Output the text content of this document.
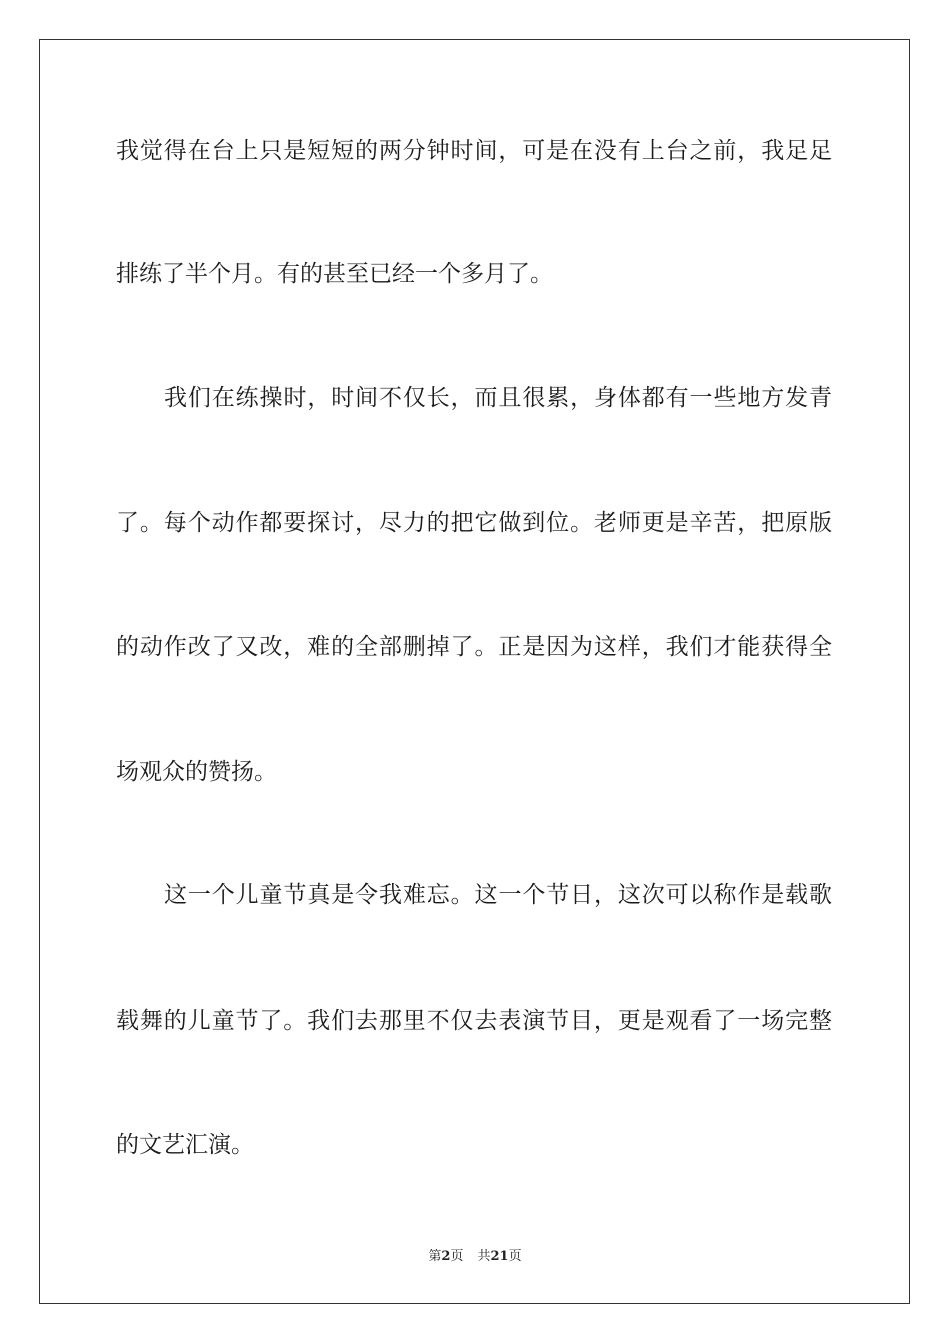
我觉得在台上只是短短的两分钟时间，可是在没有上台之前，我足足
排练了半个月。有的甚至已经一个多月了。
我们在练操时，时间不仅长，而且很累，身体都有一些地方发青
了。每个动作都要探讨，尽力的把它做到位。老师更是辛苦，把原版
的动作改了又改，难的全部删掉了。正是因为这样，我们才能获得全
场观众的赞扬。
这一个儿童节真是令我难忘。这一个节日，这次可以称作是载歌
载舞的儿童节了。我们去那里不仅去表演节目，更是观看了一场完整
的文艺汇演。
第2页 共21页
